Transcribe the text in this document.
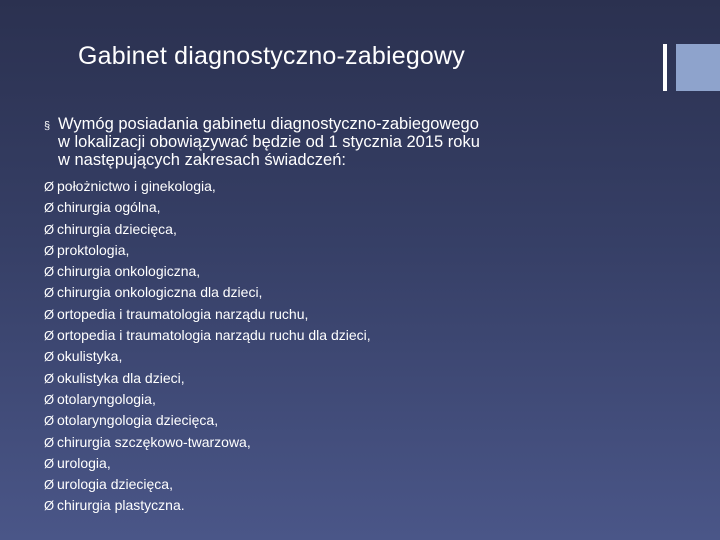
Gabinet diagnostyczno-zabiegowy
§ Wymóg posiadania gabinetu diagnostyczno-zabiegowego
w lokalizacji obowiązywać będzie od 1 stycznia 2015 roku
w następujących zakresach świadczeń:
Ø położnictwo i ginekologia,
Ø chirurgia ogólna,
Ø chirurgia dziecięca,
Ø proktologia,
Ø chirurgia onkologiczna,
Ø chirurgia onkologiczna dla dzieci,
Ø ortopedia i traumatologia narządu ruchu,
Ø ortopedia i traumatologia narządu ruchu dla dzieci,
Ø okulistyka,
Ø okulistyka dla dzieci,
Ø otolaryngologia,
Ø otolaryngologia dziecięca,
Ø chirurgia szczękowo-twarzowa,
Ø urologia,
Ø urologia dziecięca,
Ø chirurgia plastyczna.
